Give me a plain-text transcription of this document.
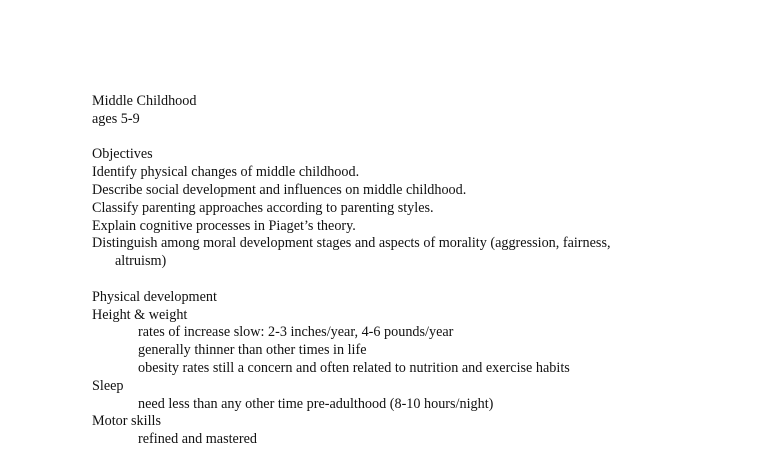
Middle Childhood
ages 5-9
Objectives
Identify physical changes of middle childhood.
Describe social development and influences on middle childhood.
Classify parenting approaches according to parenting styles.
Explain cognitive processes in Piaget’s theory.
Distinguish among moral development stages and aspects of morality (aggression, fairness,
altruism)
Physical development
Height & weight
rates of increase slow: 2-3 inches/year, 4-6 pounds/year
generally thinner than other times in life
obesity rates still a concern and often related to nutrition and exercise habits
Sleep
need less than any other time pre-adulthood (8-10 hours/night)
Motor skills
refined and mastered
